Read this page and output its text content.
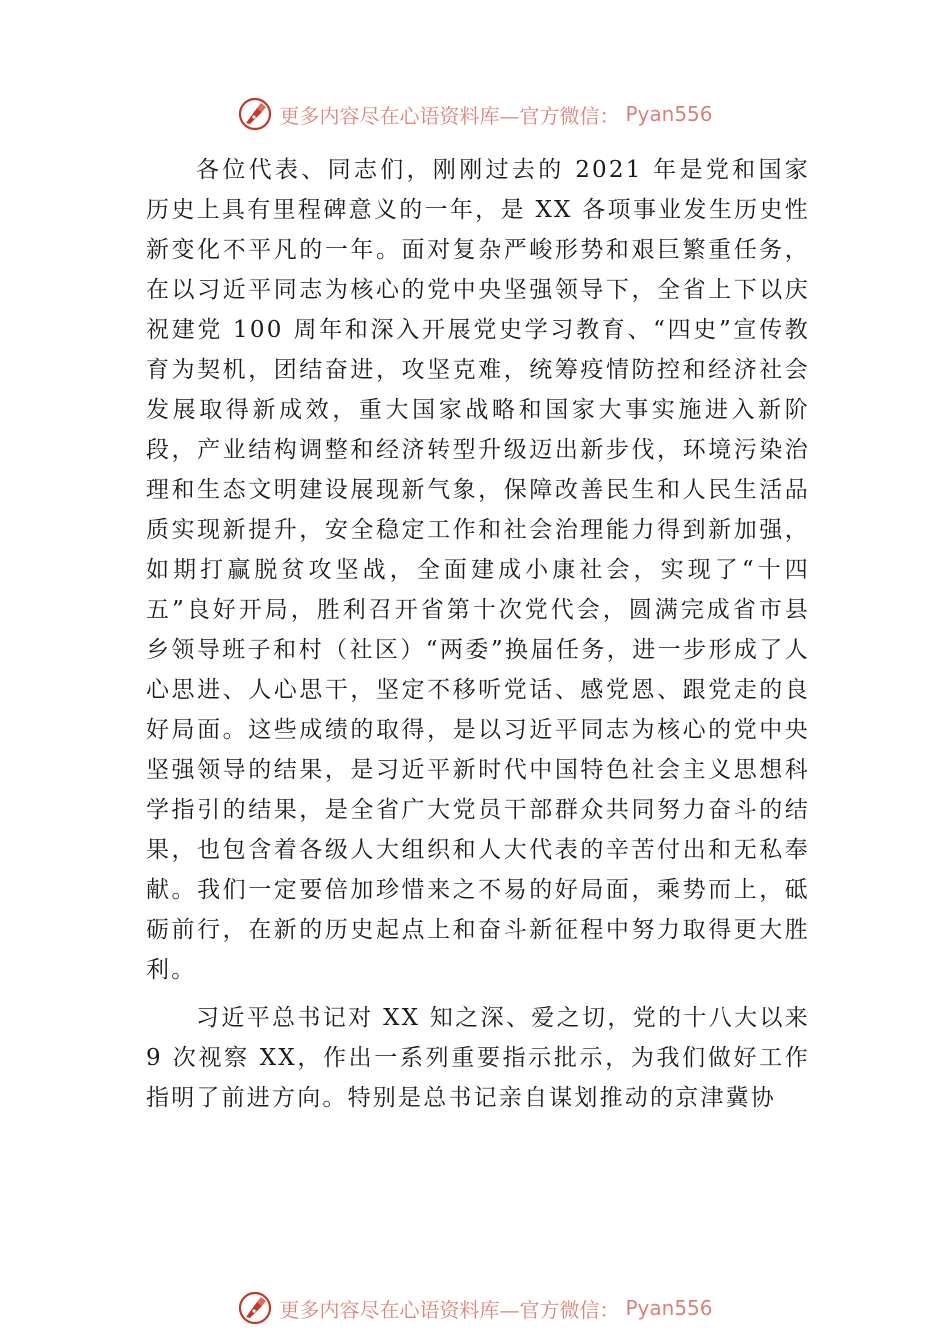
更多内容尽在心语资料库—官方微信： Pyan556

各位代表、同志们，刚刚过去的 2021 年是党和国家历史上具有里程碑意义的一年，是 XX 各项事业发生历史性新变化不平凡的一年。面对复杂严峻形势和艰巨繁重任务，在以习近平同志为核心的党中央坚强领导下，全省上下以庆祝建党 100 周年和深入开展党史学习教育、“四史”宣传教育为契机，团结奋进，攻坚克难，统筹疫情防控和经济社会发展取得新成效，重大国家战略和国家大事实施进入新阶段，产业结构调整和经济转型升级迈出新步伐，环境污染治理和生态文明建设展现新气象，保障改善民生和人民生活品质实现新提升，安全稳定工作和社会治理能力得到新加强，如期打赢脱贫攻坚战，全面建成小康社会，实现了“十四五”良好开局，胜利召开省第十次党代会，圆满完成省市县乡领导班子和村（社区）“两委”换届任务，进一步形成了人心思进、人心思干，坚定不移听党话、感党恩、跟党走的良好局面。这些成绩的取得，是以习近平同志为核心的党中央坚强领导的结果，是习近平新时代中国特色社会主义思想科学指引的结果，是全省广大党员干部群众共同努力奋斗的结果，也包含着各级人大组织和人大代表的辛苦付出和无私奉献。我们一定要倍加珍惜来之不易的好局面，乘势而上，砥砺前行，在新的历史起点上和奋斗新征程中努力取得更大胜利。

习近平总书记对 XX 知之深、爱之切，党的十八大以来 9 次视察 XX，作出一系列重要指示批示，为我们做好工作指明了前进方向。特别是总书记亲自谋划推动的京津冀协

更多内容尽在心语资料库—官方微信： Pyan556
